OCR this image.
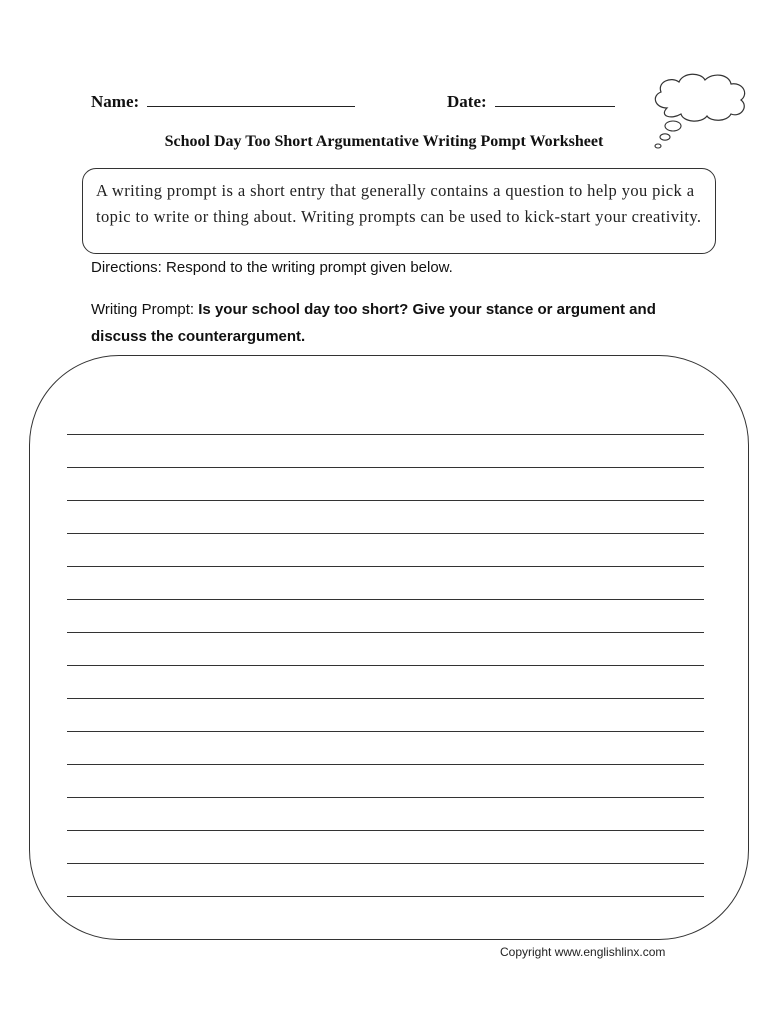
Name:	Date:
School Day Too Short Argumentative Writing Pompt Worksheet
A writing prompt is a short entry that generally contains a question to help you pick a topic to write or thing about. Writing prompts can be used to kick-start your creativity.
Directions: Respond to the writing prompt given below.
Writing Prompt: Is your school day too short? Give your stance or argument and discuss the counterargument.
Copyright www.englishlinx.com
